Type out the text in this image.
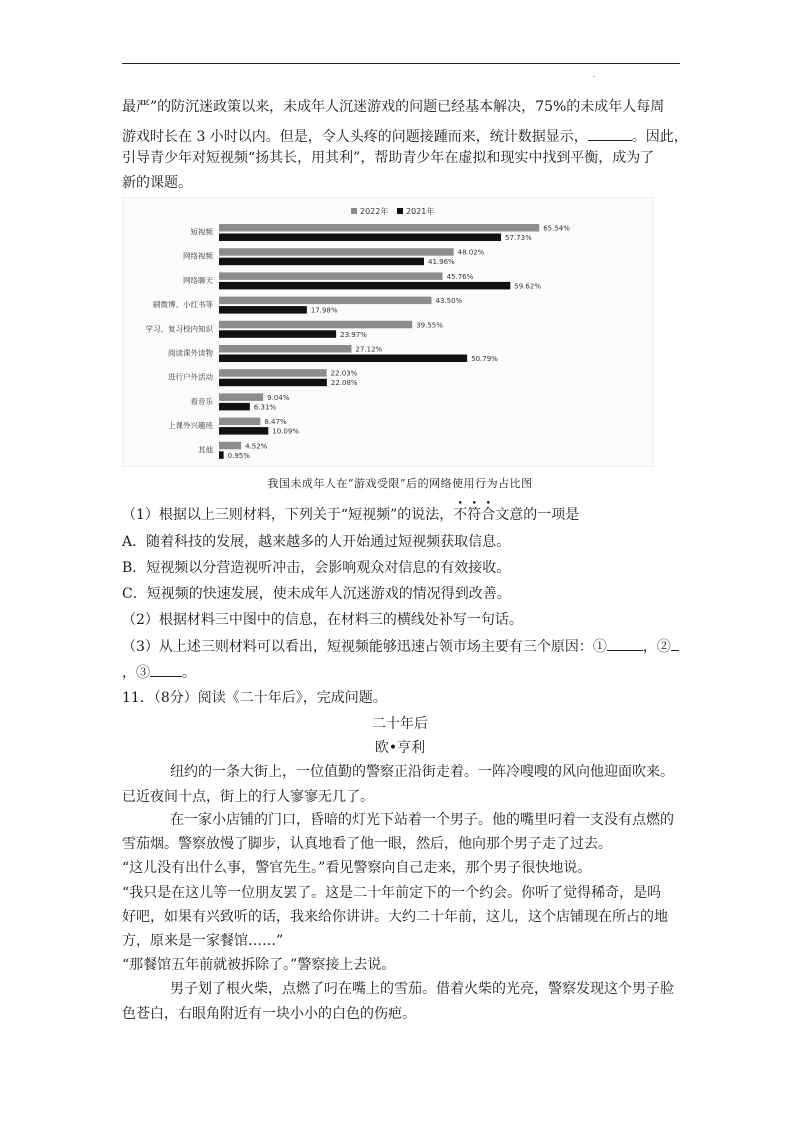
.
最严”的防沉迷政策以来，未成年人沉迷游戏的问题已经基本解决，75%的未成年人每周
游戏时长在 3 小时以内。但是，令人头疼的问题接踵而来，统计数据显示，	。因此，
引导青少年对短视频“扬其长，用其利”，帮助青少年在虚拟和现实中找到平衡，成为了
新的课题。
2022年 2021年
短视频	65.54%
57.73%
网络视频	48.02%
41.96%
网络聊天	45.76%
59.62%
刷微博、小红书等	43.50%
17.98%
学习、复习校内知识	39.55%
23.97%
阅读课外读物	27.12%
50.79%
进行户外活动	22.03%
22.08%
看音乐	9.04%
6.31%
上课外兴趣班	8.47%
10.09%
其他	4.52%
0.95%
我国未成年人在“游戏受限”后的网络使用行为占比图
（1）根据以上三则材料，下列关于“短视频”的说法，不符合文意的一项是
A．随着科技的发展，越来越多的人开始通过短视频获取信息。
B．短视频以分营造视听冲击，会影响观众对信息的有效接收。
C．短视频的快速发展，使未成年人沉迷游戏的情况得到改善。
（2）根据材料三中图中的信息，在材料三的横线处补写一句话。
（3）从上述三则材料可以看出，短视频能够迅速占领市场主要有三个原因：①	，②
，③ 。
11．（8分）阅读《二十年后》，完成问题。
二十年后
欧•亨利
纽约的一条大街上，一位值勤的警察正沿街走着。一阵冷嗖嗖的风向他迎面吹来。
已近夜间十点，街上的行人寥寥无几了。
在一家小店铺的门口，昏暗的灯光下站着一个男子。他的嘴里叼着一支没有点燃的
雪茄烟。警察放慢了脚步，认真地看了他一眼，然后，他向那个男子走了过去。
“这儿没有出什么事，警官先生。”看见警察向自己走来，那个男子很快地说。
“我只是在这儿等一位朋友罢了。这是二十年前定下的一个约会。你听了觉得稀奇，是吗
好吧，如果有兴致听的话，我来给你讲讲。大约二十年前，这儿，这个店铺现在所占的地
方，原来是一家餐馆……”
“那餐馆五年前就被拆除了。”警察接上去说。
男子划了根火柴，点燃了叼在嘴上的雪茄。借着火柴的光亮，警察发现这个男子脸
色苍白，右眼角附近有一块小小的白色的伤疤。
